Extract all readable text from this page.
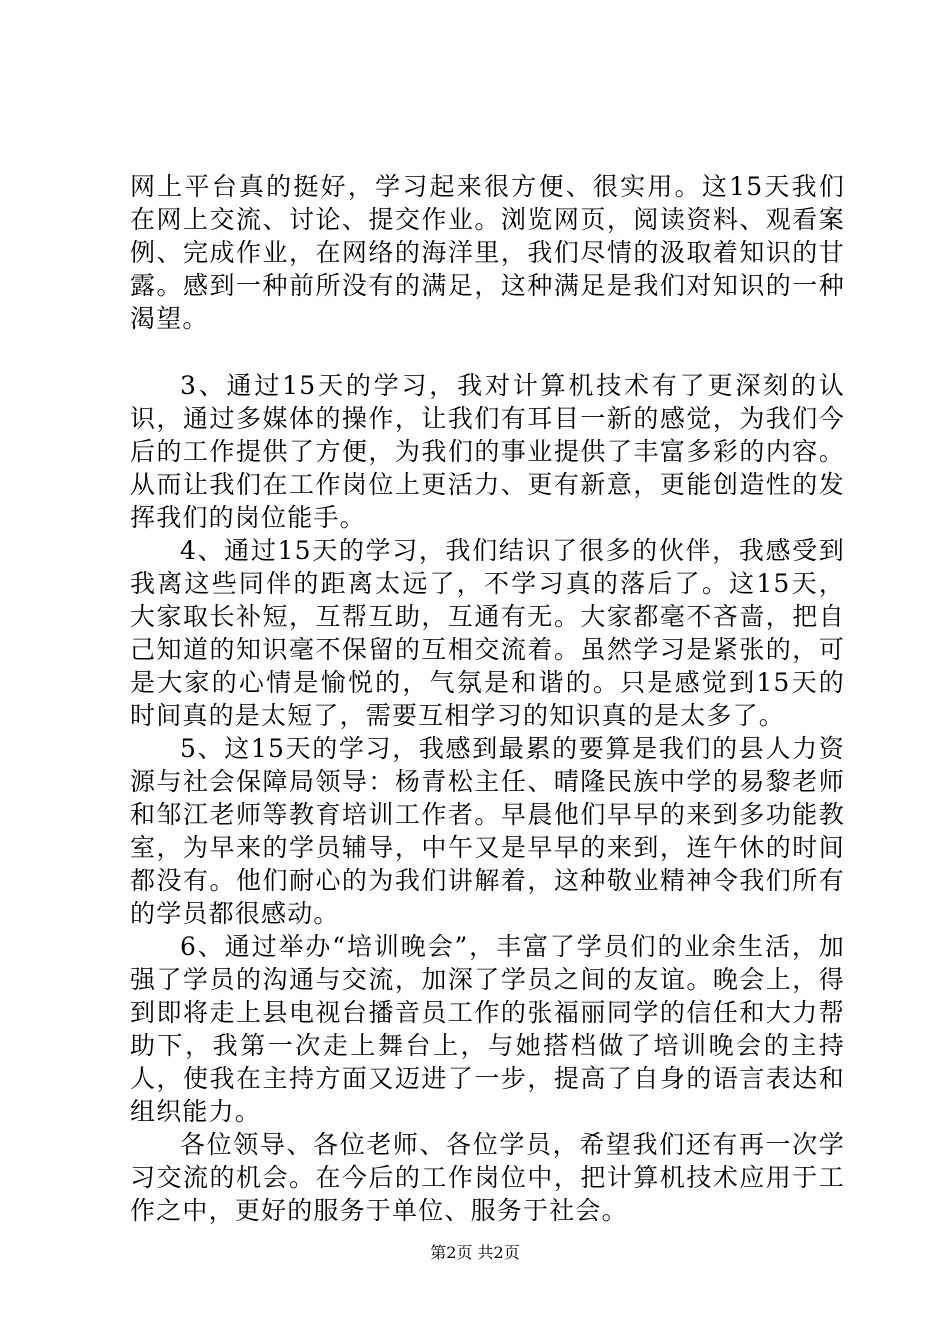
网上平台真的挺好，学习起来很方便、很实用。这15天我们在网上交流、讨论、提交作业。浏览网页，阅读资料、观看案例、完成作业，在网络的海洋里，我们尽情的汲取着知识的甘露。感到一种前所没有的满足，这种满足是我们对知识的一种渴望。

3、通过15天的学习，我对计算机技术有了更深刻的认识，通过多媒体的操作，让我们有耳目一新的感觉，为我们今后的工作提供了方便，为我们的事业提供了丰富多彩的内容。从而让我们在工作岗位上更活力、更有新意，更能创造性的发挥我们的岗位能手。

4、通过15天的学习，我们结识了很多的伙伴，我感受到我离这些同伴的距离太远了，不学习真的落后了。这15天，大家取长补短，互帮互助，互通有无。大家都毫不吝啬，把自己知道的知识毫不保留的互相交流着。虽然学习是紧张的，可是大家的心情是愉悦的，气氛是和谐的。只是感觉到15天的时间真的是太短了，需要互相学习的知识真的是太多了。

5、这15天的学习，我感到最累的要算是我们的县人力资源与社会保障局领导：杨青松主任、晴隆民族中学的易黎老师和邹江老师等教育培训工作者。早晨他们早早的来到多功能教室，为早来的学员辅导，中午又是早早的来到，连午休的时间都没有。他们耐心的为我们讲解着，这种敬业精神令我们所有的学员都很感动。

6、通过举办“培训晚会”，丰富了学员们的业余生活，加强了学员的沟通与交流，加深了学员之间的友谊。晚会上，得到即将走上县电视台播音员工作的张福丽同学的信任和大力帮助下，我第一次走上舞台上，与她搭档做了培训晚会的主持人，使我在主持方面又迈进了一步，提高了自身的语言表达和组织能力。

各位领导、各位老师、各位学员，希望我们还有再一次学习交流的机会。在今后的工作岗位中，把计算机技术应用于工作之中，更好的服务于单位、服务于社会。

第2页 共2页
